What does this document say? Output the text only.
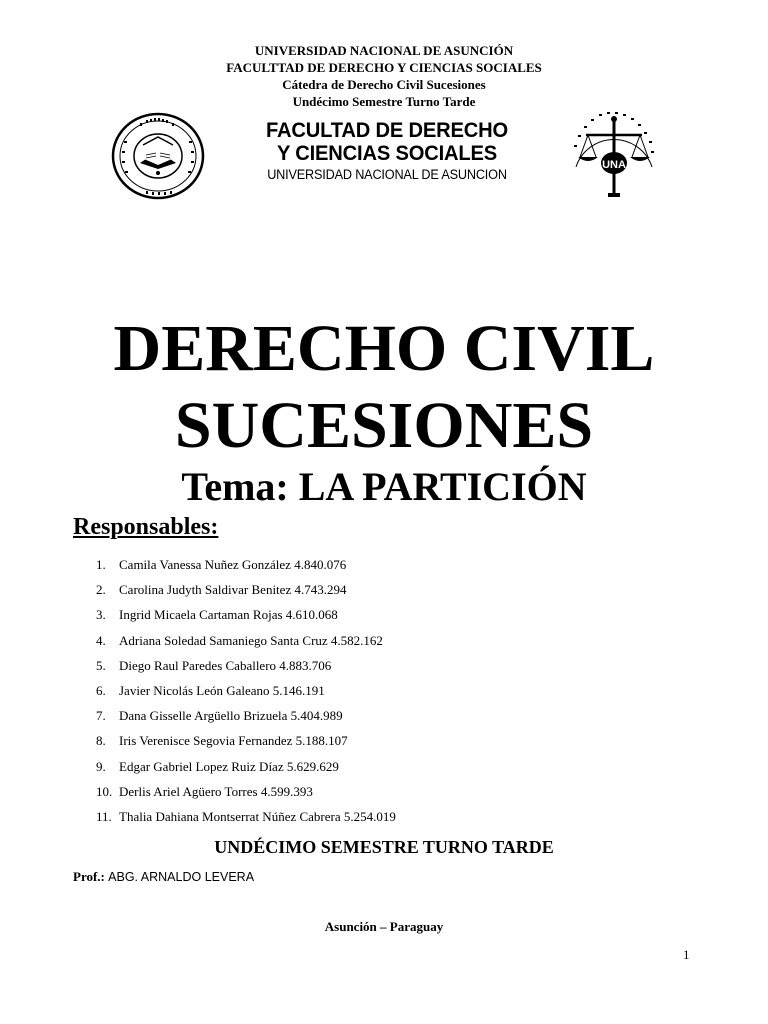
UNIVERSIDAD NACIONAL DE ASUNCIÓN
FACULTTAD DE DERECHO Y CIENCIAS SOCIALES
Cátedra de Derecho Civil Sucesiones
Undécimo Semestre Turno Tarde
FACULTAD DE DERECHO
Y CIENCIAS SOCIALES
UNIVERSIDAD NACIONAL DE ASUNCION
UNA
DERECHO CIVIL
SUCESIONES
Tema: LA PARTICIÓN
Responsables:
1. Camila Vanessa Nuñez González 4.840.076
2. Carolina Judyth Saldivar Benitez 4.743.294
3. Ingrid Micaela Cartaman Rojas 4.610.068
4. Adriana Soledad Samaniego Santa Cruz 4.582.162
5. Diego Raul Paredes Caballero 4.883.706
6. Javier Nicolás León Galeano 5.146.191
7. Dana Gisselle Argüello Brizuela 5.404.989
8. Iris Verenisce Segovia Fernandez 5.188.107
9. Edgar Gabriel Lopez Ruiz Díaz 5.629.629
10. Derlis Ariel Agüero Torres 4.599.393
11. Thalia Dahiana Montserrat Núñez Cabrera 5.254.019
UNDÉCIMO SEMESTRE TURNO TARDE
Prof.: ABG. ARNALDO LEVERA
Asunción – Paraguay
1
